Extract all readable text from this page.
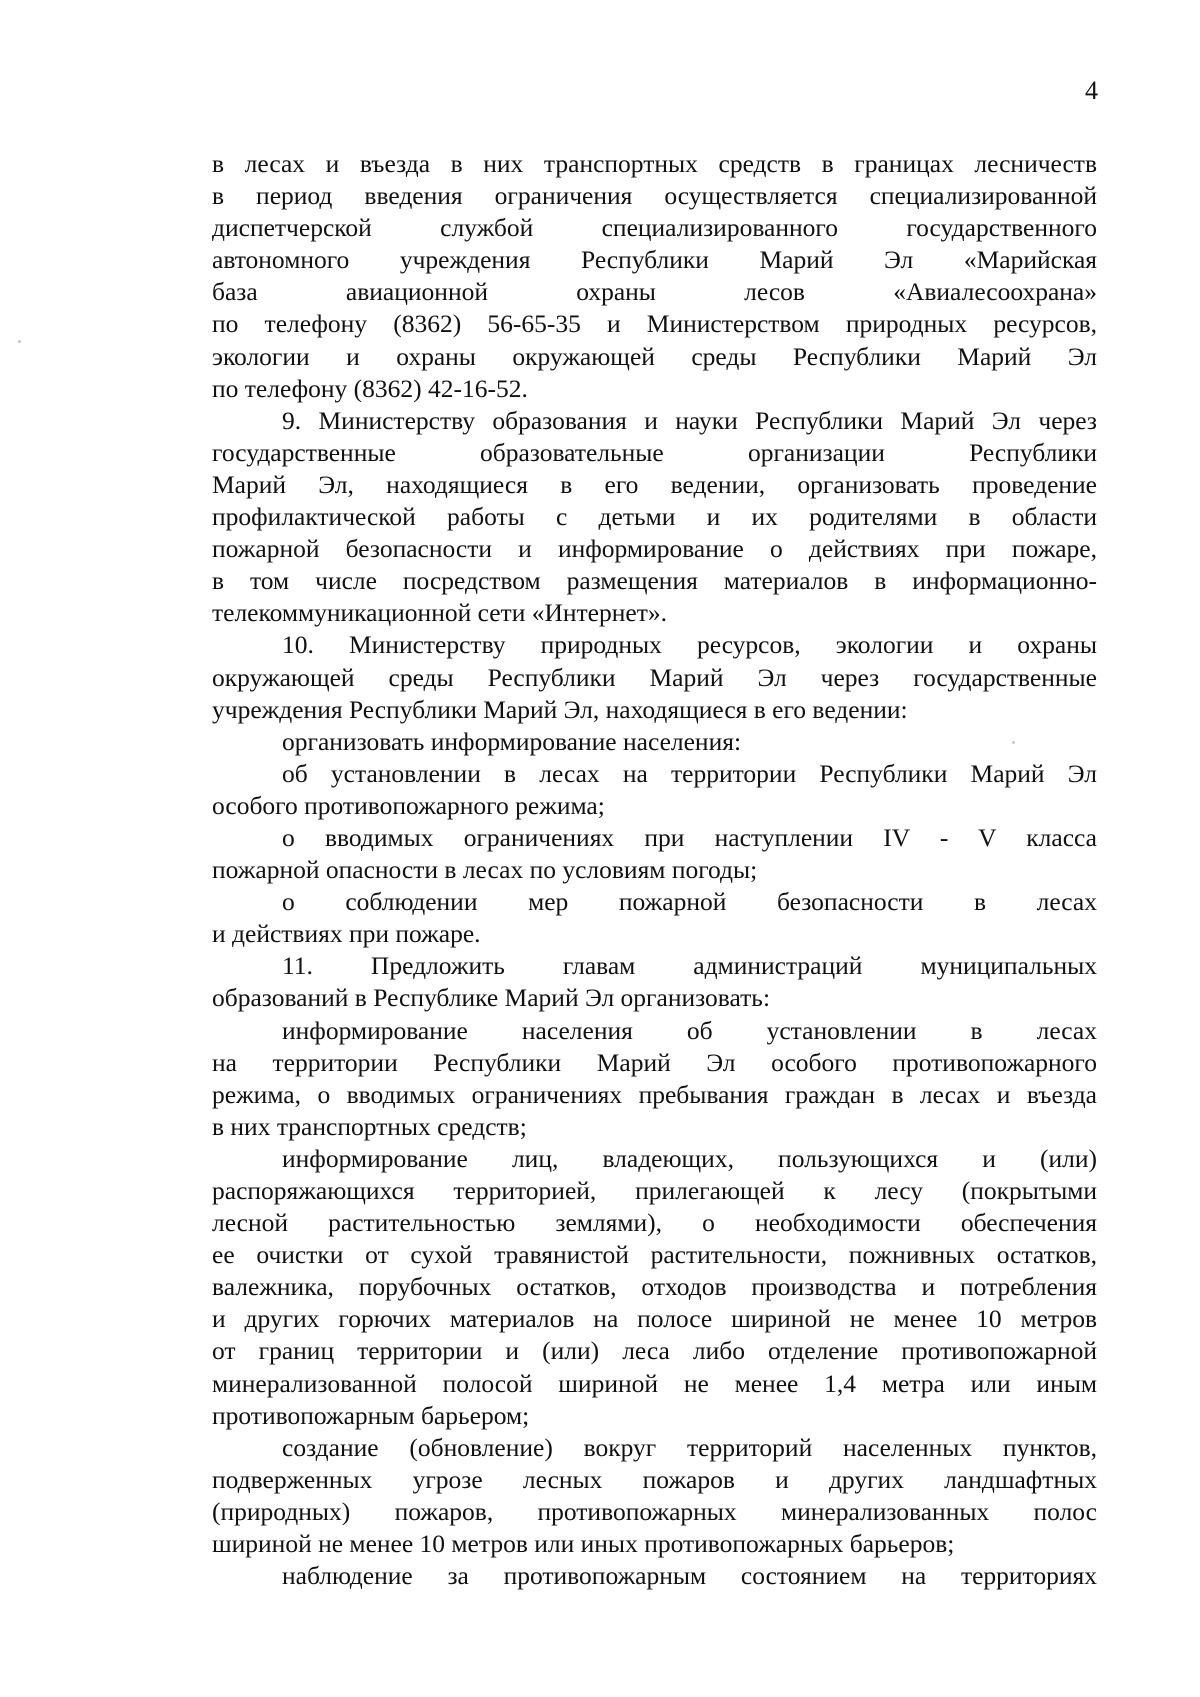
4
в лесах и въезда в них транспортных средств в границах лесничеств
в период введения ограничения осуществляется специализированной
диспетчерской службой специализированного государственного
автономного учреждения Республики Марий Эл «Марийская
база авиационной охраны лесов «Авиалесоохрана»
по телефону (8362) 56-65-35 и Министерством природных ресурсов,
экологии и охраны окружающей среды Республики Марий Эл
по телефону (8362) 42-16-52.
9. Министерству образования и науки Республики Марий Эл через
государственные образовательные организации Республики
Марий Эл, находящиеся в его ведении, организовать проведение
профилактической работы с детьми и их родителями в области
пожарной безопасности и информирование о действиях при пожаре,
в том числе посредством размещения материалов в информационно-
телекоммуникационной сети «Интернет».
10. Министерству природных ресурсов, экологии и охраны
окружающей среды Республики Марий Эл через государственные
учреждения Республики Марий Эл, находящиеся в его ведении:
организовать информирование населения:
об установлении в лесах на территории Республики Марий Эл
особого противопожарного режима;
о вводимых ограничениях при наступлении IV - V класса
пожарной опасности в лесах по условиям погоды;
о соблюдении мер пожарной безопасности в лесах
и действиях при пожаре.
11. Предложить главам администраций муниципальных
образований в Республике Марий Эл организовать:
информирование населения об установлении в лесах
на территории Республики Марий Эл особого противопожарного
режима, о вводимых ограничениях пребывания граждан в лесах и въезда
в них транспортных средств;
информирование лиц, владеющих, пользующихся и (или)
распоряжающихся территорией, прилегающей к лесу (покрытыми
лесной растительностью землями), о необходимости обеспечения
ее очистки от сухой травянистой растительности, пожнивных остатков,
валежника, порубочных остатков, отходов производства и потребления
и других горючих материалов на полосе шириной не менее 10 метров
от границ территории и (или) леса либо отделение противопожарной
минерализованной полосой шириной не менее 1,4 метра или иным
противопожарным барьером;
создание (обновление) вокруг территорий населенных пунктов,
подверженных угрозе лесных пожаров и других ландшафтных
(природных) пожаров, противопожарных минерализованных полос
шириной не менее 10 метров или иных противопожарных барьеров;
наблюдение за противопожарным состоянием на территориях
